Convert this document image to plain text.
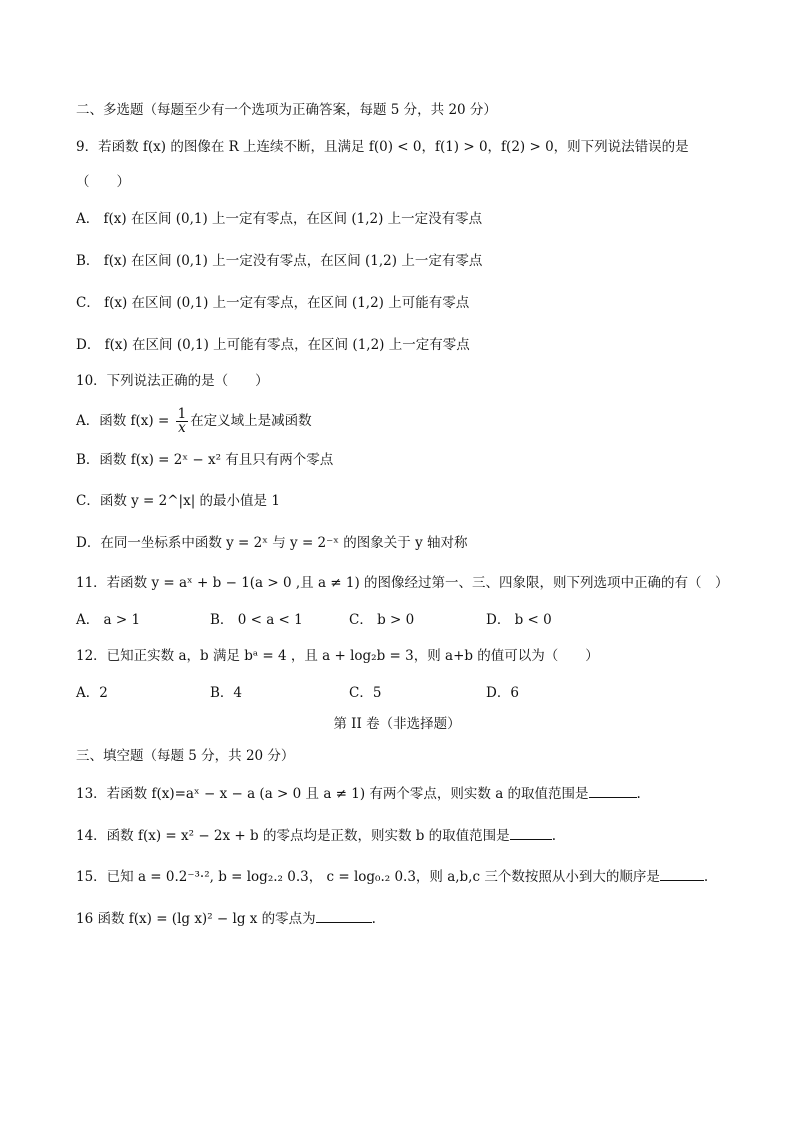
二、多选题（每题至少有一个选项为正确答案，每题 5 分，共 20 分）
9．若函数 f(x) 的图像在 R 上连续不断，且满足 f(0) < 0，f(1) > 0，f(2) > 0，则下列说法错误的是
（　　）
A． f(x) 在区间 (0,1) 上一定有零点，在区间 (1,2) 上一定没有零点
B． f(x) 在区间 (0,1) 上一定没有零点，在区间 (1,2) 上一定有零点
C． f(x) 在区间 (0,1) 上一定有零点，在区间 (1,2) 上可能有零点
D． f(x) 在区间 (0,1) 上可能有零点，在区间 (1,2) 上一定有零点
10．下列说法正确的是（　　）
A．函数 $f(x) = \frac{1}{x}$ 在定义域上是减函数
B．函数 f(x) = 2ˣ − x² 有且只有两个零点
C．函数 y = 2^|x| 的最小值是 1
D．在同一坐标系中函数 y = 2ˣ 与 y = 2⁻ˣ 的图象关于 y 轴对称
11．若函数 y = aˣ + b − 1(a > 0 ,且 a ≠ 1) 的图像经过第一、三、四象限，则下列选项中正确的有（　）
A． a > 1	B． 0 < a < 1	C． b > 0	D． b < 0
12．已知正实数 a，b 满足 bᵃ = 4 ，且 a + log₂b = 3，则 a+b 的值可以为（　　）
A．2	B．4	C．5	D．6
第 II 卷（非选择题）
三、填空题（每题 5 分，共 20 分）
13．若函数 f(x)=aˣ − x − a (a > 0 且 a ≠ 1) 有两个零点，则实数 a 的取值范围是	.
14．函数 f(x) = x² − 2x + b 的零点均是正数，则实数 b 的取值范围是	.
15．已知 a = 0.2⁻³·², b = log₂.₂ 0.3， c = log₀.₂ 0.3，则 a,b,c 三个数按照从小到大的顺序是	.
16 函数 f(x) = (lg x)² − lg x 的零点为	.
